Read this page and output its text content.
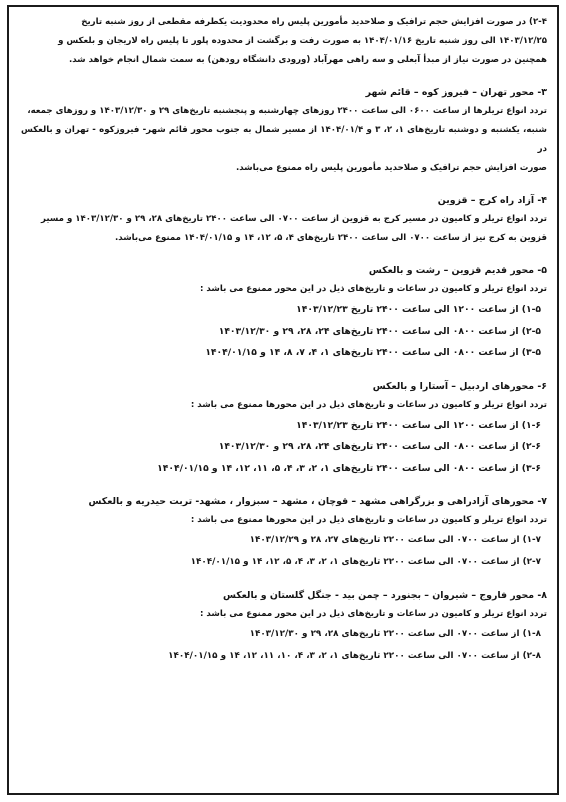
۲-۴) در صورت افزایش حجم ترافیک و صلاحدید مأمورین پلیس راه محدودیت یکطرفه مقطعی از روز شنبه تاریخ

۱۴۰۳/۱۲/۲۵ الی روز شنبه تاریخ ۱۴۰۴/۰۱/۱۶ به صورت رفت و برگشت از محدوده پلور تا پلیس راه لاریجان و بلعکس و

همچنین در صورت نیاز از مبدأ آبعلی و سه راهی مهرآباد (ورودی دانشگاه رودهن) به سمت شمال انجام خواهد شد.

۳- محور تهران – فیروز کوه – قائم شهر

تردد انواع تریلرها از ساعت ۰۶۰۰ الی ساعت ۲۴۰۰ روزهای چهارشنبه و پنجشنبه تاریخ‌های ۲۹ و ۱۴۰۳/۱۲/۳۰ و روزهای جمعه،

شنبه، یکشنبه و دوشنبه تاریخ‌های ۱، ۲، ۳ و ۱۴۰۴/۰۱/۴ از مسیر شمال به جنوب محور قائم شهر- فیروزکوه - تهران و بالعکس در

صورت افزایش حجم ترافیک و صلاحدید مأمورین پلیس راه ممنوع می‌باشد.

۴- آزاد راه کرج – قزوین

تردد انواع تریلر و کامیون در مسیر کرج به قزوین از ساعت ۰۷۰۰ الی ساعت ۲۴۰۰ تاریخ‌های ۲۸، ۲۹ و ۱۴۰۳/۱۲/۳۰ و مسیر

قزوین به کرج نیز از ساعت ۰۷۰۰ الی ساعت ۲۴۰۰ تاریخ‌های ۴، ۵، ۱۲، ۱۴ و ۱۴۰۴/۰۱/۱۵ ممنوع می‌باشد.

۵- محور قدیم قزوین – رشت و بالعکس

تردد انواع تریلر و کامیون در ساعات و تاریخ‌های ذیل در این محور ممنوع می باشد :

۱-۵) از ساعت ۱۲۰۰ الی ساعت ۲۴۰۰ تاریخ ۱۴۰۳/۱۲/۲۳

۲-۵) از ساعت ۰۸۰۰ الی ساعت ۲۴۰۰ تاریخ‌های ۲۴، ۲۸، ۲۹ و ۱۴۰۳/۱۲/۳۰

۳-۵) از ساعت ۰۸۰۰ الی ساعت ۲۴۰۰ تاریخ‌های ۱، ۴، ۷، ۸، ۱۴ و ۱۴۰۴/۰۱/۱۵

۶- محورهای اردبیل – آستارا و بالعکس

تردد انواع تریلر و کامیون در ساعات و تاریخ‌های ذیل در این محورها ممنوع می باشد :

۱-۶) از ساعت ۱۲۰۰ الی ساعت ۲۴۰۰ تاریخ ۱۴۰۳/۱۲/۲۳

۲-۶) از ساعت ۰۸۰۰ الی ساعت ۲۴۰۰ تاریخ‌های ۲۴، ۲۸، ۲۹ و ۱۴۰۳/۱۲/۳۰

۳-۶) از ساعت ۰۸۰۰ الی ساعت ۲۴۰۰ تاریخ‌های ۱، ۲، ۳، ۴، ۵، ۱۱، ۱۲، ۱۴ و ۱۴۰۴/۰۱/۱۵

۷- محورهای آزادراهی و بزرگراهی مشهد – قوچان ، مشهد – سبزوار ، مشهد- تربت حیدریه و بالعکس

تردد انواع تریلر و کامیون در ساعات و تاریخ‌های ذیل در این محورها ممنوع می باشد :

۱-۷) از ساعت ۰۷۰۰ الی ساعت ۲۲۰۰ تاریخ‌های ۲۷، ۲۸ و ۱۴۰۳/۱۲/۲۹

۲-۷) از ساعت ۰۷۰۰ الی ساعت ۲۲۰۰ تاریخ‌های ۱، ۲، ۳، ۴، ۵، ۱۲، ۱۴ و ۱۴۰۴/۰۱/۱۵

۸- محور فاروج – شیروان – بجنورد – چمن بید - جنگل گلستان و بالعکس

تردد انواع تریلر و کامیون در ساعات و تاریخ‌های ذیل در این محور ممنوع می باشد :

۱-۸) از ساعت ۰۷۰۰ الی ساعت ۲۲۰۰ تاریخ‌های ۲۸، ۲۹ و ۱۴۰۳/۱۲/۳۰

۲-۸) از ساعت ۰۷۰۰ الی ساعت ۲۲۰۰ تاریخ‌های ۱، ۲، ۳، ۴، ۱۰، ۱۱، ۱۲، ۱۴ و ۱۴۰۴/۰۱/۱۵
